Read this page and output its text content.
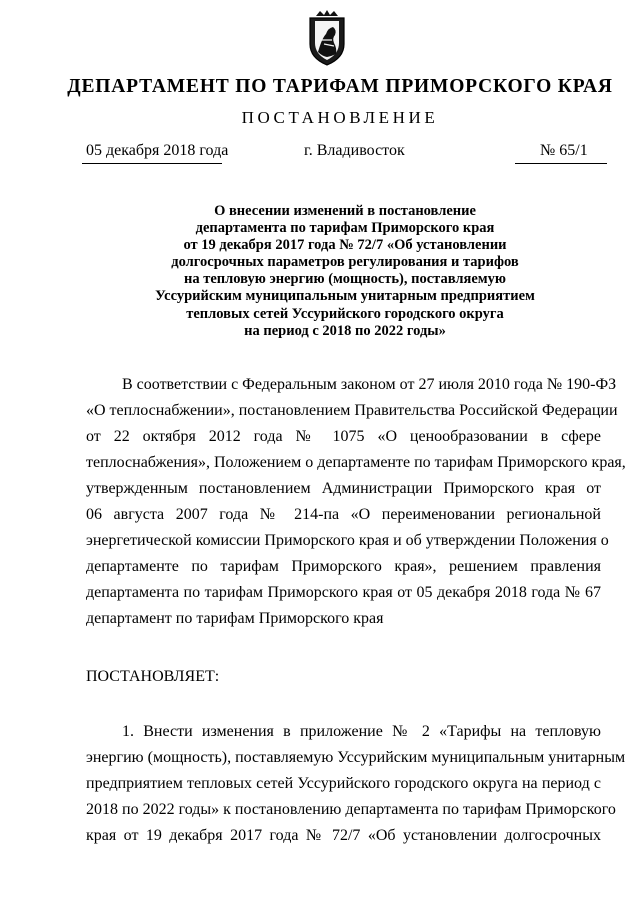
ДЕПАРТАМЕНТ ПО ТАРИФАМ ПРИМОРСКОГО КРАЯ
ПОСТАНОВЛЕНИЕ
05 декабря 2018 года	г. Владивосток	№ 65/1
О внесении изменений в постановление
департамента по тарифам Приморского края
от 19 декабря 2017 года № 72/7 «Об установлении
долгосрочных параметров регулирования и тарифов
на тепловую энергию (мощность), поставляемую
Уссурийским муниципальным унитарным предприятием
тепловых сетей Уссурийского городского округа
на период с 2018 по 2022 годы»
В соответствии с Федеральным законом от 27 июля 2010 года № 190-ФЗ
«О теплоснабжении», постановлением Правительства Российской Федерации
от 22 октября 2012 года № 1075 «О ценообразовании в сфере
теплоснабжения», Положением о департаменте по тарифам Приморского края,
утвержденным постановлением Администрации Приморского края от
06 августа 2007 года № 214-па «О переименовании региональной
энергетической комиссии Приморского края и об утверждении Положения о
департаменте по тарифам Приморского края», решением правления
департамента по тарифам Приморского края от 05 декабря 2018 года № 67
департамент по тарифам Приморского края
ПОСТАНОВЛЯЕТ:
1. Внести изменения в приложение № 2 «Тарифы на тепловую
энергию (мощность), поставляемую Уссурийским муниципальным унитарным
предприятием тепловых сетей Уссурийского городского округа на период с
2018 по 2022 годы» к постановлению департамента по тарифам Приморского
края от 19 декабря 2017 года № 72/7 «Об установлении долгосрочных
